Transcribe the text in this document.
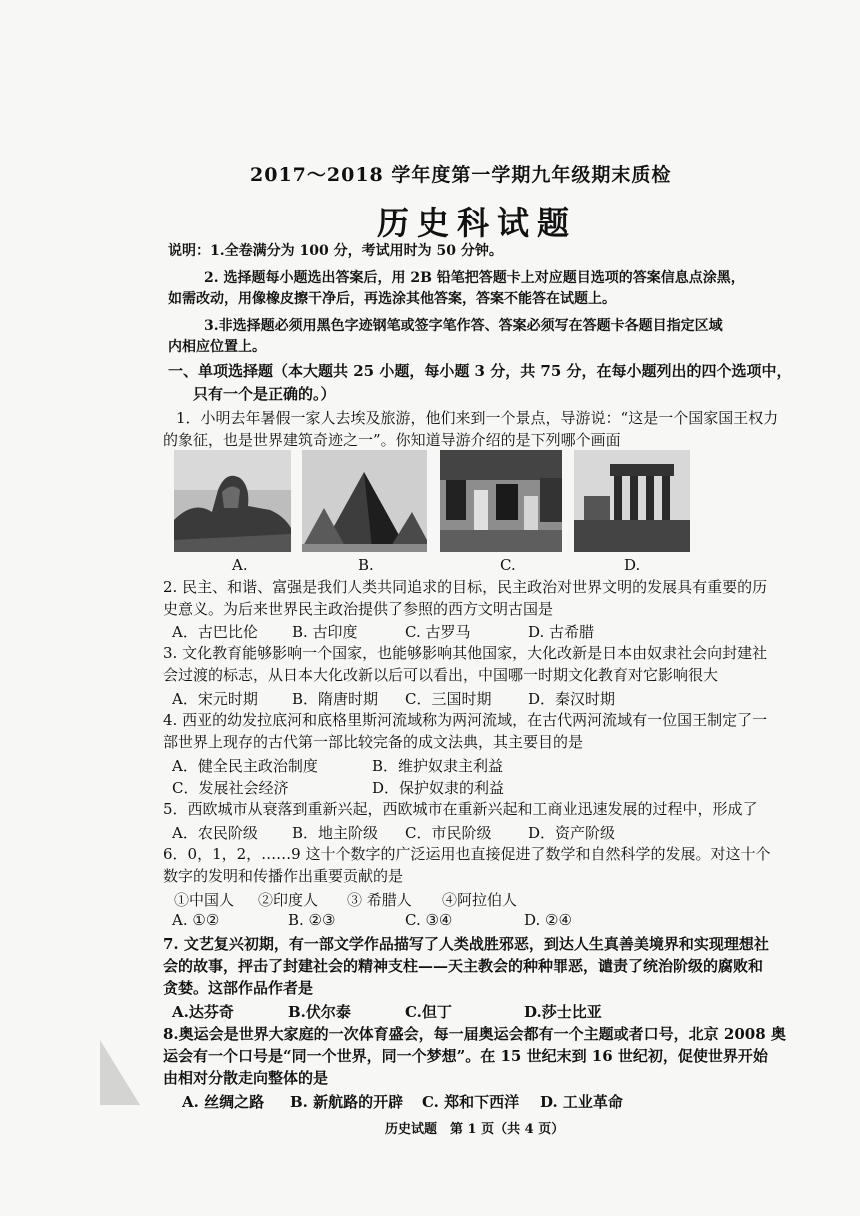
2017～2018 学年度第一学期九年级期末质检
历史科试题
说明：1.全卷满分为 100 分，考试用时为 50 分钟。
2. 选择题每小题选出答案后，用 2B 铅笔把答题卡上对应题目选项的答案信息点涂黑，
如需改动，用像橡皮擦干净后，再选涂其他答案，答案不能答在试题上。
3.非选择题必须用黑色字迹钢笔或签字笔作答、答案必须写在答题卡各题目指定区域
内相应位置上。
一、单项选择题（本大题共 25 小题，每小题 3 分，共 75 分，在每小题列出的四个选项中，
只有一个是正确的。）
1．小明去年暑假一家人去埃及旅游，他们来到一个景点，导游说：“这是一个国家国王权力
的象征，也是世界建筑奇迹之一”。你知道导游介绍的是下列哪个画面
A.	B.	C.	D.
2. 民主、和谐、富强是我们人类共同追求的目标，民主政治对世界文明的发展具有重要的历
史意义。为后来世界民主政治提供了参照的西方文明古国是
A．古巴比伦 B. 古印度	C. 古罗马	D. 古希腊
3. 文化教育能够影响一个国家，也能够影响其他国家，大化改新是日本由奴隶社会向封建社
会过渡的标志，从日本大化改新以后可以看出，中国哪一时期文化教育对它影响很大
A．宋元时期 B．隋唐时期 C．三国时期 D．秦汉时期
4. 西亚的幼发拉底河和底格里斯河流域称为两河流域，在古代两河流域有一位国王制定了一
部世界上现存的古代第一部比较完备的成文法典，其主要目的是
A．健全民主政治制度	B．维护奴隶主利益
C．发展社会经济	D．保护奴隶的利益
5．西欧城市从衰落到重新兴起，西欧城市在重新兴起和工商业迅速发展的过程中，形成了
A．农民阶级 B．地主阶级 C．市民阶级 D．资产阶级
6．0，1，2，……9 这十个数字的广泛运用也直接促进了数学和自然科学的发展。对这十个
数字的发明和传播作出重要贡献的是
①中国人 ②印度人 ③ 希腊人 ④阿拉伯人
A. ①②	B. ②③	C. ③④	D. ②④
7. 文艺复兴初期，有一部文学作品描写了人类战胜邪恶，到达人生真善美境界和实现理想社
会的故事，抨击了封建社会的精神支柱——天主教会的种种罪恶，谴责了统治阶级的腐败和
贪婪。这部作品作者是
A.达芬奇	B.伏尔泰	C.但丁	D.莎士比亚
8.奥运会是世界大家庭的一次体育盛会，每一届奥运会都有一个主题或者口号，北京 2008 奥
运会有一个口号是“同一个世界，同一个梦想”。在 15 世纪末到 16 世纪初，促使世界开始
由相对分散走向整体的是
A. 丝绸之路 B. 新航路的开辟 C. 郑和下西洋 D. 工业革命
历史试题　第 1 页（共 4 页）
